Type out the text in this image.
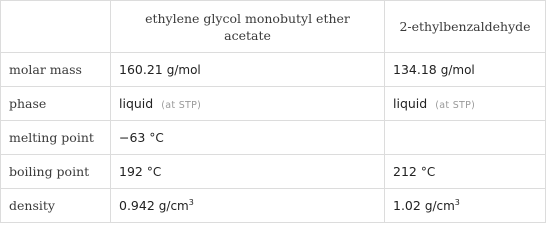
	ethylene glycol monobutyl ether acetate	2-ethylbenzaldehyde
molar mass	160.21 g/mol	134.18 g/mol
phase	liquid (at STP)	liquid (at STP)
melting point	−63 °C	
boiling point	192 °C	212 °C
density	0.942 $g/cm^3$	1.02 $g/cm^3$
